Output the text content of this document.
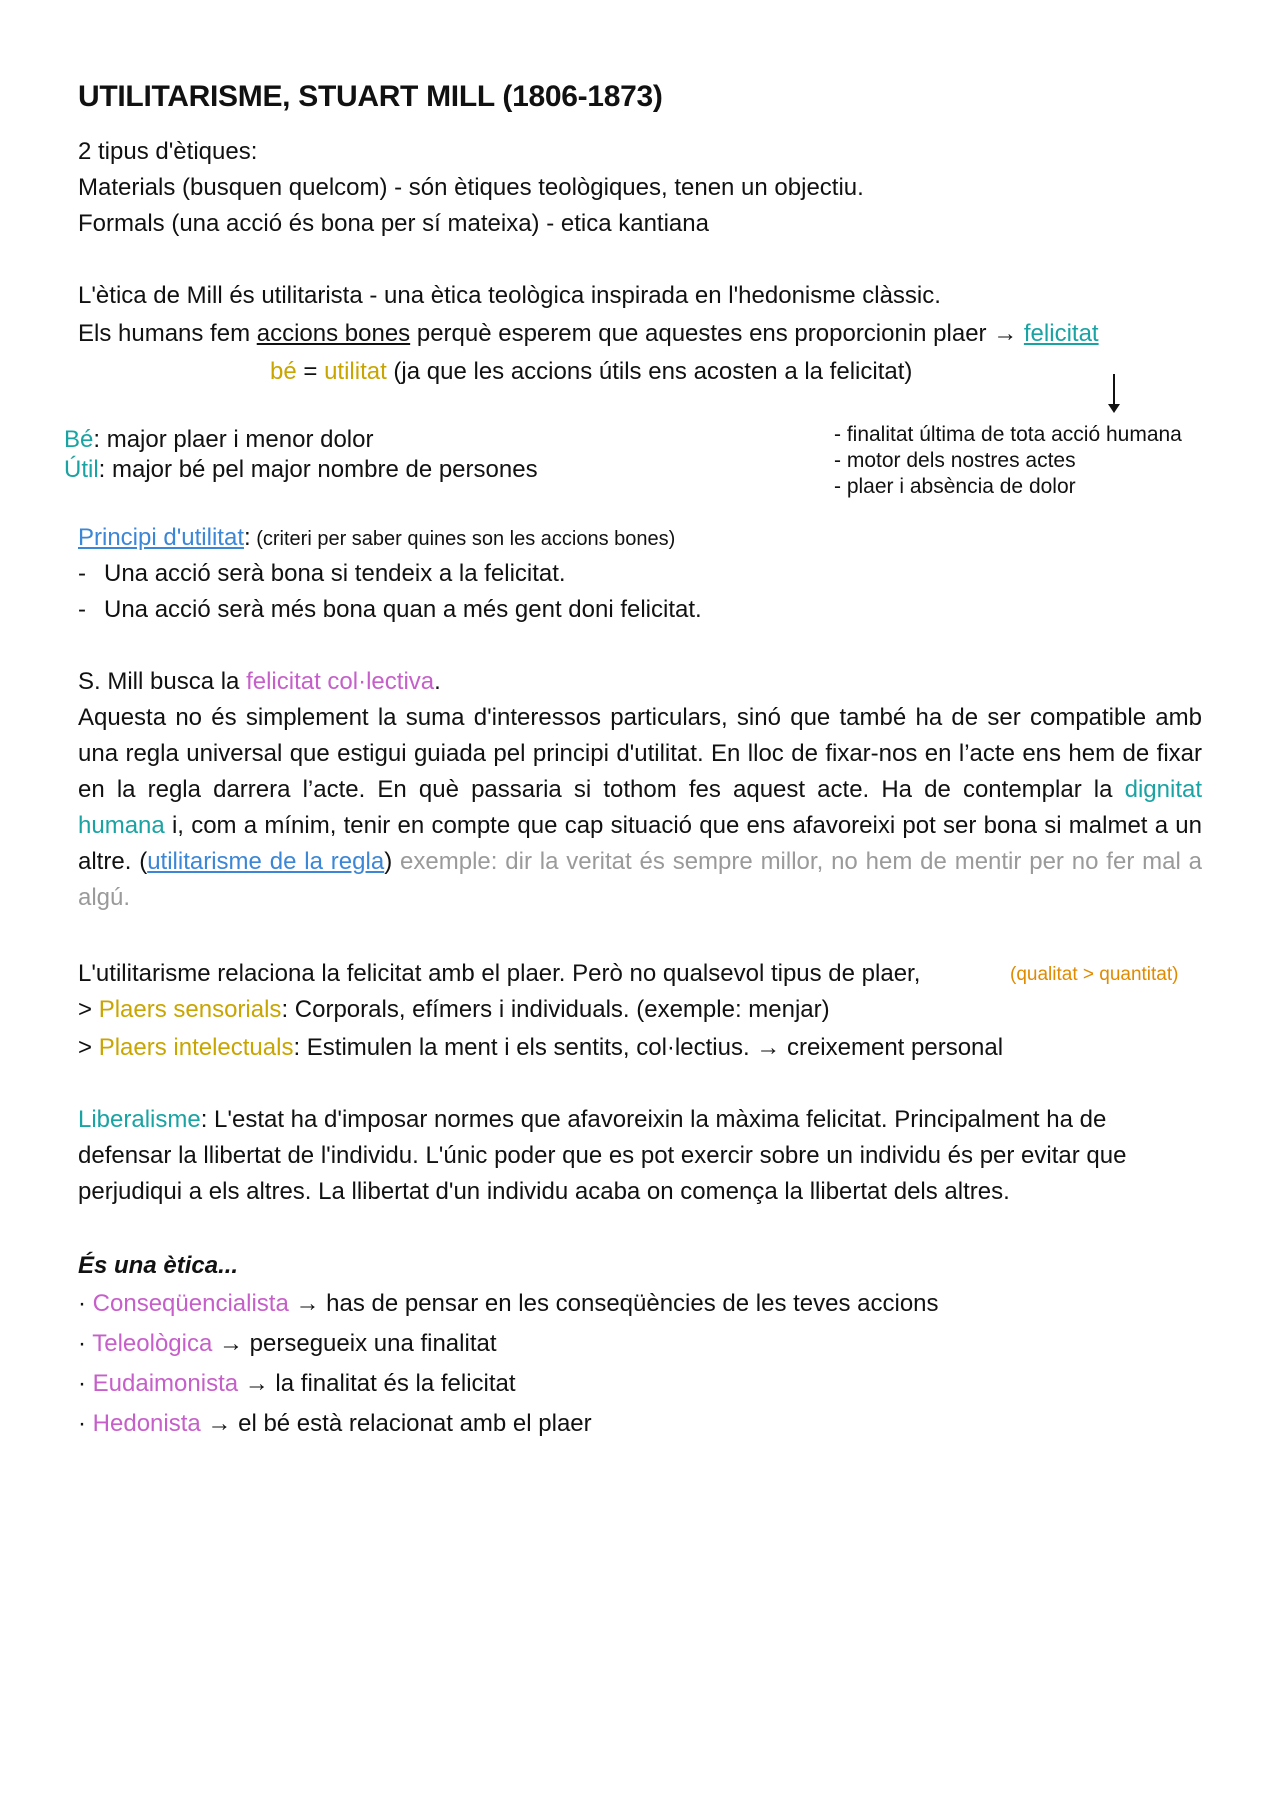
UTILITARISME, STUART MILL (1806-1873)
2 tipus d'ètiques:
Materials (busquen quelcom) - són ètiques teològiques, tenen un objectiu.
Formals (una acció és bona per sí mateixa) - etica kantiana
L'ètica de Mill és utilitarista - una ètica teològica inspirada en l'hedonisme clàssic.
Els humans fem accions bones perquè esperem que aquestes ens proporcionin plaer → felicitat
bé = utilitat (ja que les accions útils ens acosten a la felicitat)
Bé: major plaer i menor dolor
Útil: major bé pel major nombre de persones
- finalitat última de tota acció humana
- motor dels nostres actes
- plaer i absència de dolor
Principi d'utilitat: (criteri per saber quines son les accions bones)
- Una acció serà bona si tendeix a la felicitat.
- Una acció serà més bona quan a més gent doni felicitat.
S. Mill busca la felicitat col·lectiva.

Aquesta no és simplement la suma d'interessos particulars, sinó que també ha de ser compatible amb una regla universal que estigui guiada pel principi d'utilitat. En lloc de fixar-nos en l’acte ens hem de fixar en la regla darrera l’acte. En què passaria si tothom fes aquest acte. Ha de contemplar la dignitat humana i, com a mínim, tenir en compte que cap situació que ens afavoreixi pot ser bona si malmet a un altre. (utilitarisme de la regla) exemple: dir la veritat és sempre millor, no hem de mentir per no fer mal a algú.

L'utilitarisme relaciona la felicitat amb el plaer. Però no qualsevol tipus de plaer,	(qualitat > quantitat)
> Plaers sensorials: Corporals, efímers i individuals. (exemple: menjar)
> Plaers intelectuals: Estimulen la ment i els sentits, col·lectius. → creixement personal

Liberalisme: L'estat ha d'imposar normes que afavoreixin la màxima felicitat. Principalment ha de defensar la llibertat de l'individu. L'únic poder que es pot exercir sobre un individu és per evitar que perjudiqui a els altres. La llibertat d'un individu acaba on comença la llibertat dels altres.

És una ètica...
· Conseqüencialista → has de pensar en les conseqüències de les teves accions
· Teleològica → persegueix una finalitat
· Eudaimonista → la finalitat és la felicitat
· Hedonista → el bé està relacionat amb el plaer
